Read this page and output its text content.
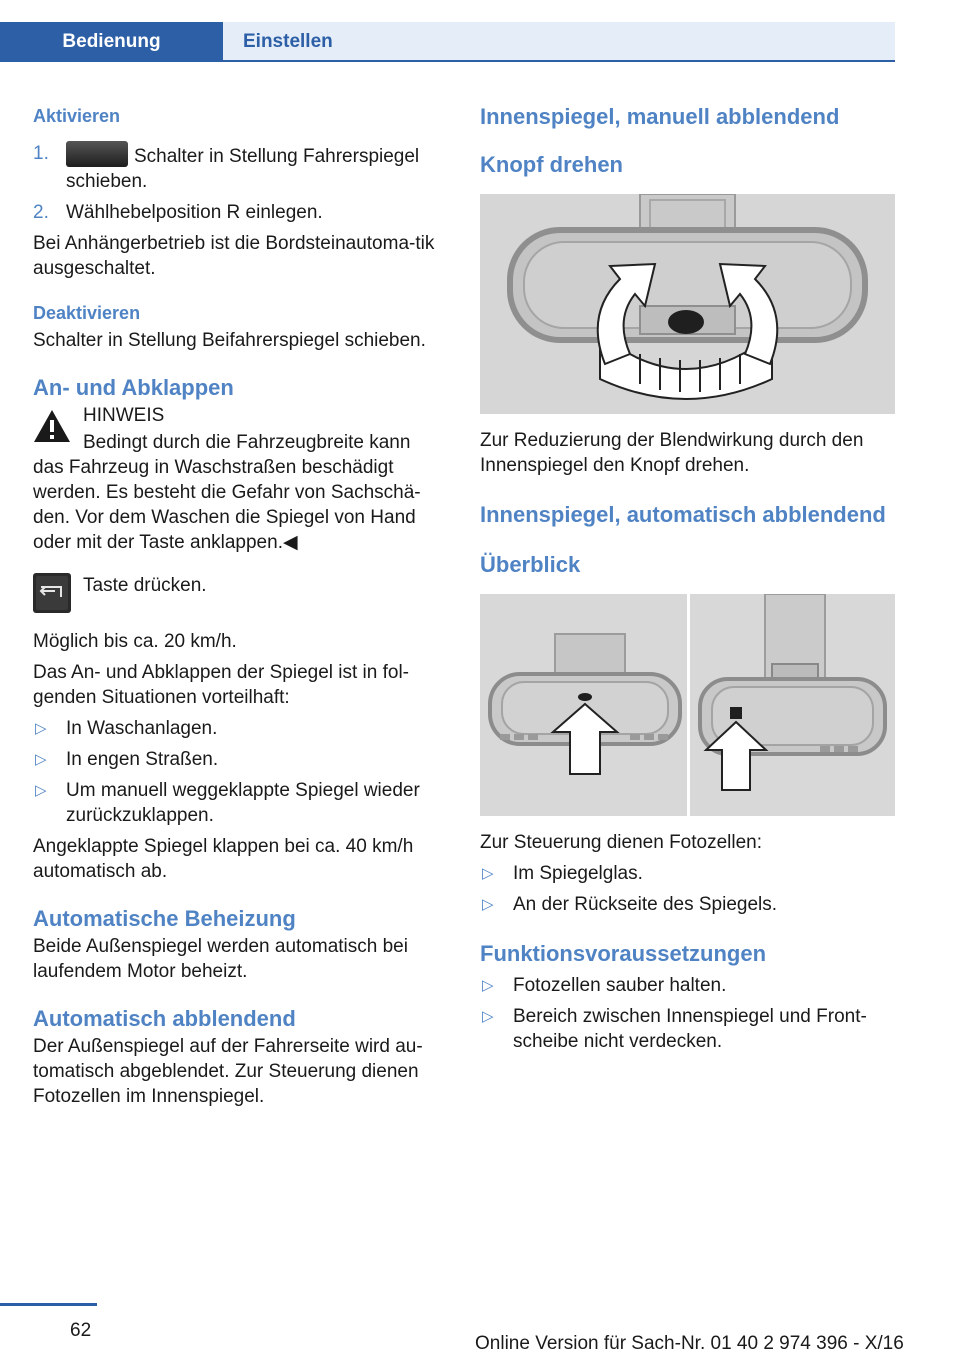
Bedienung	Einstellen

Aktivieren

1.	Schalter in Stellung Fahrerspiegel schieben.
2. Wählhebelposition R einlegen.

Bei Anhängerbetrieb ist die Bordsteinautoma‐tik ausgeschaltet.

Deaktivieren

Schalter in Stellung Beifahrerspiegel schieben.

An- und Abklappen

HINWEIS

Bedingt durch die Fahrzeugbreite kann das Fahrzeug in Waschstraßen beschädigt werden. Es besteht die Gefahr von Sachschä‐den. Vor dem Waschen die Spiegel von Hand oder mit der Taste anklappen.◀

Taste drücken.

Möglich bis ca. 20 km/h.

Das An- und Abklappen der Spiegel ist in fol‐genden Situationen vorteilhaft:

▷ In Waschanlagen.
▷ In engen Straßen.
▷ Um manuell weggeklappte Spiegel wieder zurückzuklappen.

Angeklappte Spiegel klappen bei ca. 40 km/h automatisch ab.

Automatische Beheizung

Beide Außenspiegel werden automatisch bei laufendem Motor beheizt.

Automatisch abblendend

Der Außenspiegel auf der Fahrerseite wird au‐tomatisch abgeblendet. Zur Steuerung dienen Fotozellen im Innenspiegel.

Innenspiegel, manuell abblendend

Knopf drehen

Zur Reduzierung der Blendwirkung durch den Innenspiegel den Knopf drehen.

Innenspiegel, automatisch abblendend

Überblick

Zur Steuerung dienen Fotozellen:

▷ Im Spiegelglas.
▷ An der Rückseite des Spiegels.

Funktionsvoraussetzungen

▷ Fotozellen sauber halten.
▷ Bereich zwischen Innenspiegel und Front‐scheibe nicht verdecken.
62
Online Version für Sach-Nr. 01 40 2 974 396 - X/16
